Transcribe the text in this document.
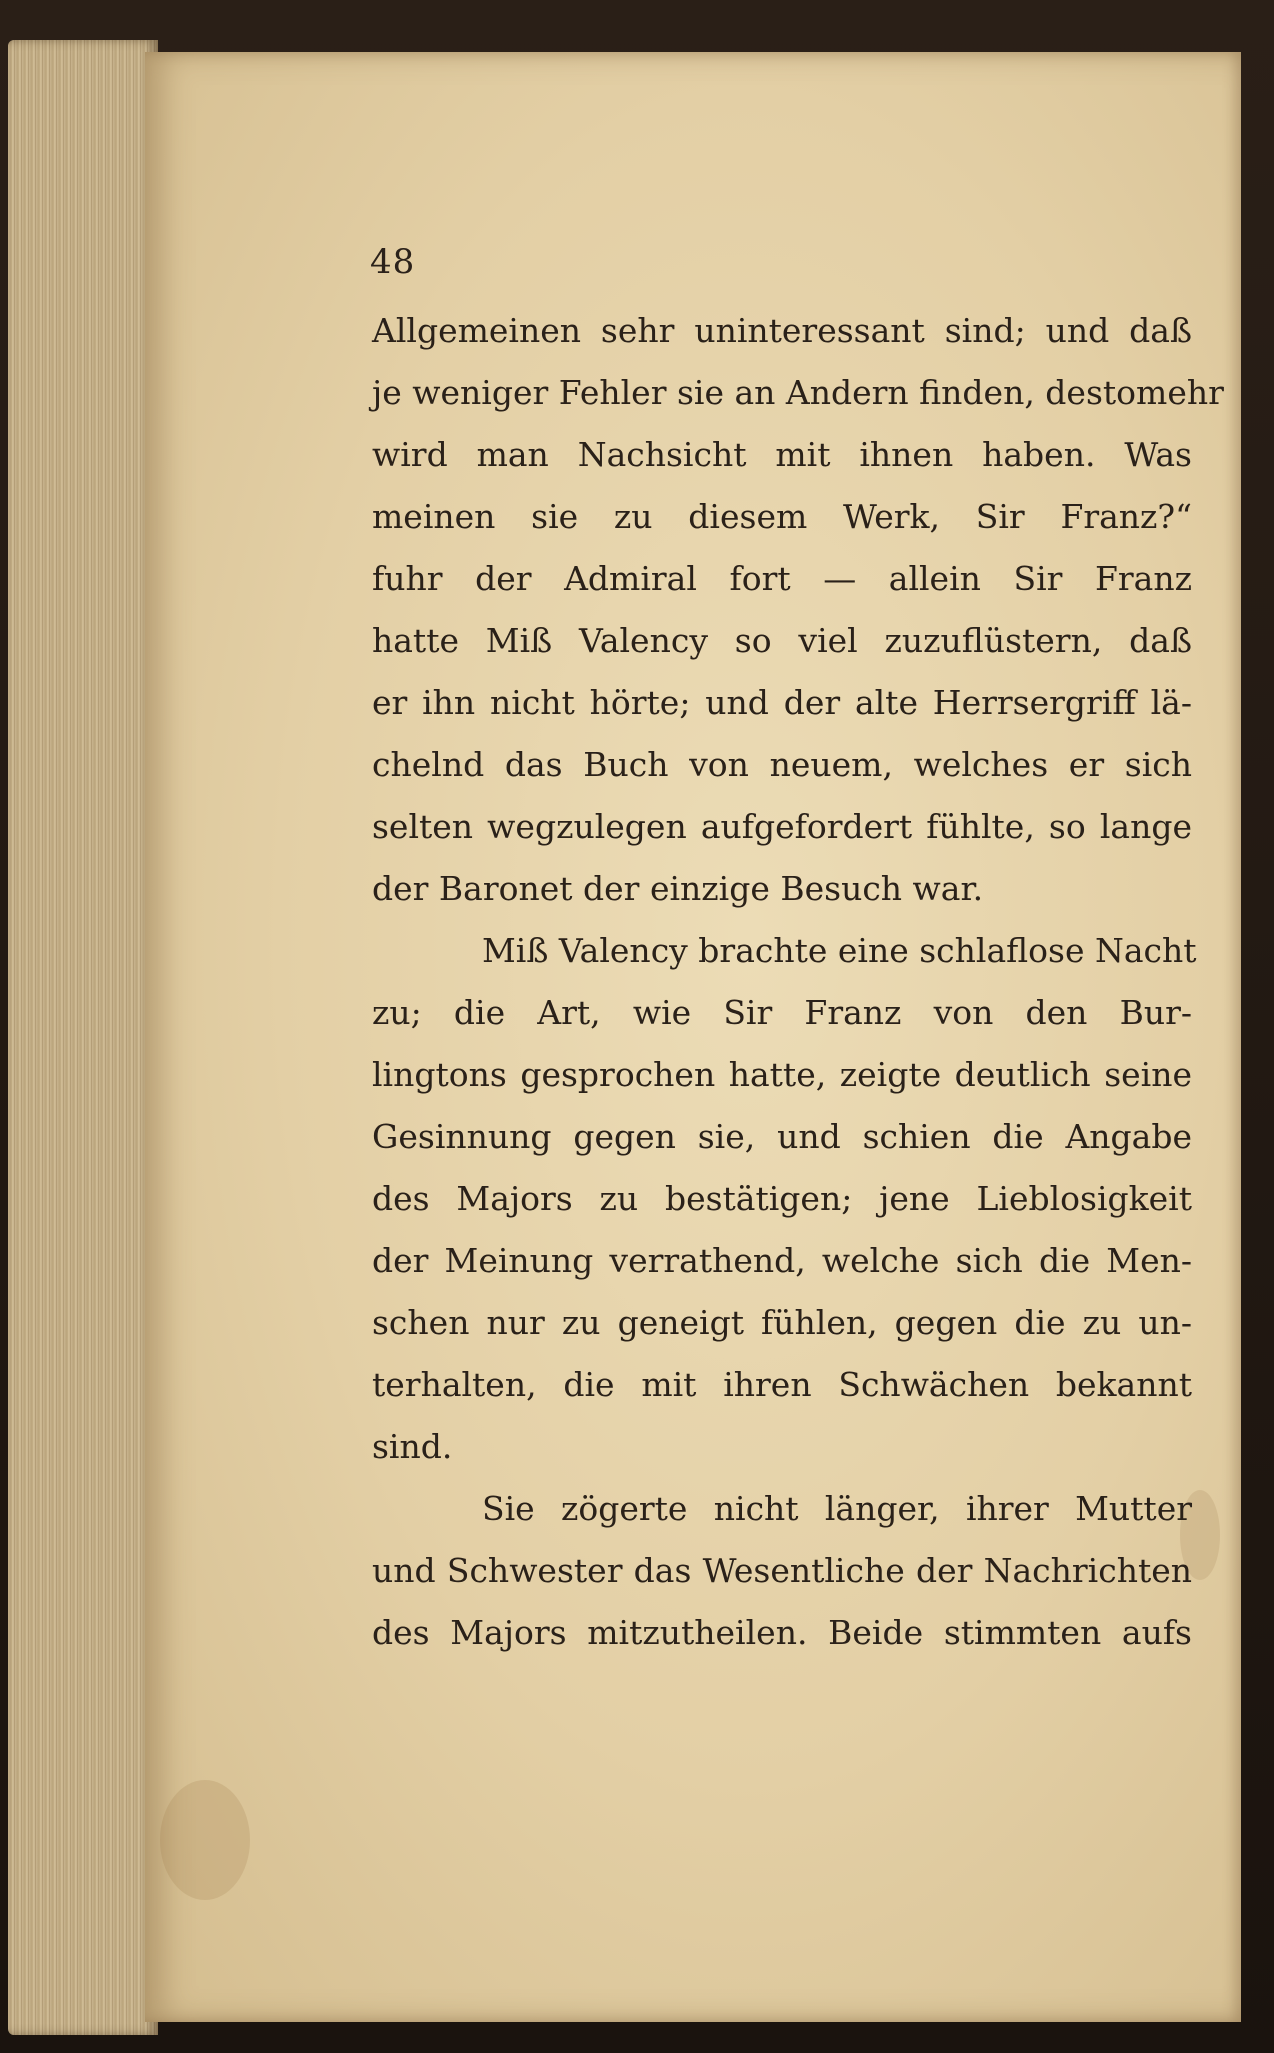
48
Allgemeinen sehr uninteressant sind; und daß
je weniger Fehler sie an Andern finden, destomehr
wird man Nachsicht mit ihnen haben. Was
meinen sie zu diesem Werk, Sir Franz?“
fuhr der Admiral fort — allein Sir Franz
hatte Miß Valency so viel zuzuflüstern, daß
er ihn nicht hörte; und der alte Herrsergriff lä-
chelnd das Buch von neuem, welches er sich
selten wegzulegen aufgefordert fühlte, so lange
der Baronet der einzige Besuch war.
Miß Valency brachte eine schlaflose Nacht
zu; die Art, wie Sir Franz von den Bur-
lingtons gesprochen hatte, zeigte deutlich seine
Gesinnung gegen sie, und schien die Angabe
des Majors zu bestätigen; jene Lieblosigkeit
der Meinung verrathend, welche sich die Men-
schen nur zu geneigt fühlen, gegen die zu un-
terhalten, die mit ihren Schwächen bekannt
sind.
Sie zögerte nicht länger, ihrer Mutter
und Schwester das Wesentliche der Nachrichten
des Majors mitzutheilen. Beide stimmten aufs
